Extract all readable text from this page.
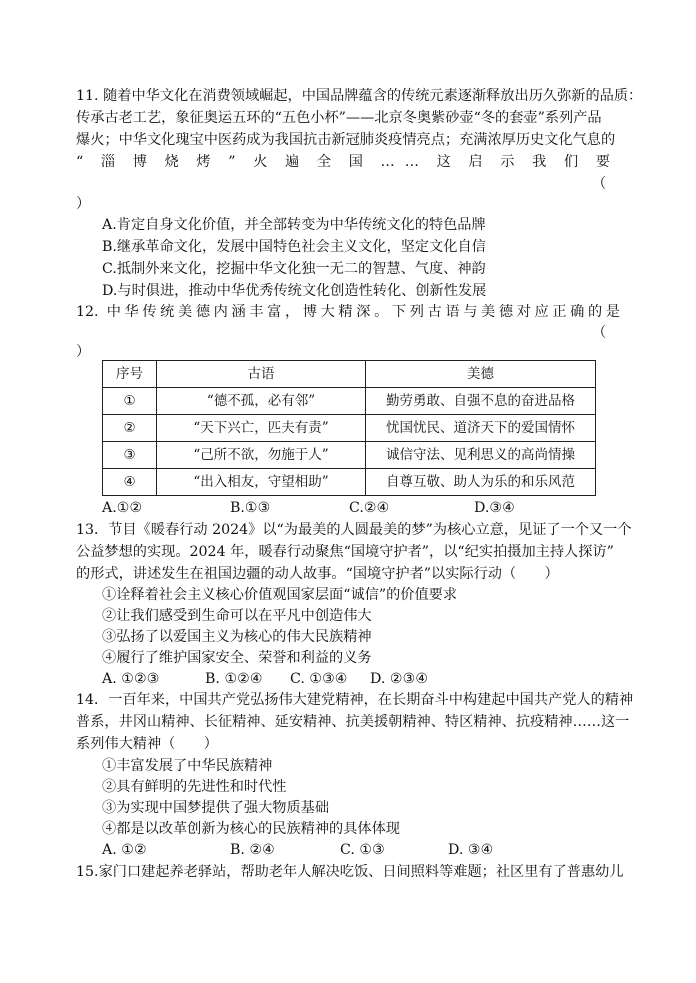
11. 随着中华文化在消费领域崛起，中国品牌蕴含的传统元素逐渐释放出历久弥新的品质：
传承古老工艺，象征奥运五环的“五色小杯”——北京冬奥紫砂壶“冬的套壶”系列产品
爆火；中华文化瑰宝中医药成为我国抗击新冠肺炎疫情亮点；充满浓厚历史文化气息的
“淄博烧烤”火遍全国……这启示我们要
（
）
A.肯定自身文化价值，并全部转变为中华传统文化的特色品牌
B.继承革命文化，发展中国特色社会主义文化，坚定文化自信
C.抵制外来文化，挖掘中华文化独一无二的智慧、气度、神韵
D.与时俱进，推动中华优秀传统文化创造性转化、创新性发展
12. 中华传统美德内涵丰富，博大精深。下列古语与美德对应正确的是
（
）
序号	古语	美德
①	“德不孤，必有邻”	勤劳勇敢、自强不息的奋进品格
②	“天下兴亡，匹夫有责”	忧国忧民、道济天下的爱国情怀
③	“己所不欲，勿施于人”	诚信守法、见利思义的高尚情操
④	“出入相友，守望相助”	自尊互敬、助人为乐的和乐风范
A.①②	B.①③	C.②④	D.③④
13．节目《暖春行动 2024》以“为最美的人圆最美的梦”为核心立意，见证了一个又一个
公益梦想的实现。2024 年，暖春行动聚焦“国境守护者”，以“纪实拍摄加主持人探访”
的形式，讲述发生在祖国边疆的动人故事。“国境守护者”以实际行动（　　）
①诠释着社会主义核心价值观国家层面“诚信”的价值要求
②让我们感受到生命可以在平凡中创造伟大
③弘扬了以爱国主义为核心的伟大民族精神
④履行了维护国家安全、荣誉和利益的义务
A. ①②③	B. ①②④ C. ①③④ D. ②③④
14．一百年来，中国共产党弘扬伟大建党精神，在长期奋斗中构建起中国共产党人的精神
普系，井冈山精神、长征精神、延安精神、抗美援朝精神、特区精神、抗疫精神……这一
系列伟大精神（　　）
①丰富发展了中华民族精神
②具有鲜明的先进性和时代性
③为实现中国梦提供了强大物质基础
④都是以改革创新为核心的民族精神的具体体现
A. ①②	B. ②④	C. ①③	D. ③④
15.家门口建起养老驿站，帮助老年人解决吃饭、日间照料等难题；社区里有了普惠幼儿
